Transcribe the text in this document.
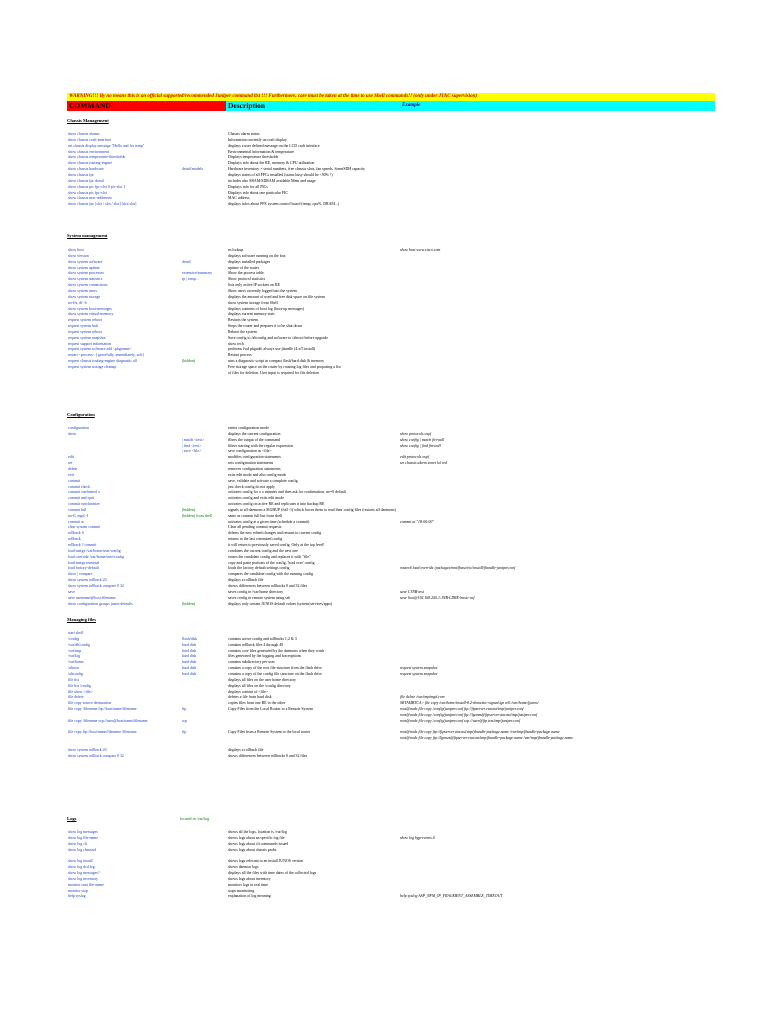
WARNING!!! By no means this is an official supported/recommended Juniper command list !!! Furthermore, care must be taken at the time to use Shell commands!! (only under JTAC supervision)
COMMAND	Description	Example
Chassis Management
show chassis alarms	Chassis alarm status
show chassis craft-interface	Information currently on craft display
set chassis display message "Hello and for temp"	displays a user defined message on the LCD craft interface
show chassis environment	Environmental information & temperature
show chassis temperature-thresholds	Displays temperature thresholds
show chassis routing-engine	Displays info about the RE, memory & CPU utilization
show chassis hardware	detail/models	Hardware inventory + serial numbers, free chassis slots, fan speeds, SonetSDH capacity
show chassis fpc	displays status of all FPCs installed (status busy should be <90% !)
show chassis fpc detail	includes also SRAM/SDRAM available Mem and usage
show chassis pic fpc-slot 0 pic-slot 1	Displays info for all PICs
show chassis pic fpc-slot	Displays info about one particular PIC
show chassis mac-addresses	MAC address
show chassis fpc [slot / slot / slot] [slot slot]	displays infos about PFE system control board (temp, cpu%, DRAM...)
System management
show host	ns lookup	show host www.cisco.com
show version	displays software running on the box
show system software	detail	displays installed packages
show system uptime	uptime of the router
show system processes	extensive/summary	Show the process table
show system statistics	ip | icmp...	Show protocol statistics
show system connections	lists only active IP sockets on RE
show system users	Show users currently logged into the system
show system storage	displays the amount of used and free disk space on file system
no-ffs, df -h	show system storage from Shell
show system boot-messages	displays contents of boot log (boot-up messages)
show system virtual-memory	displays current memory stats
request system reboot	Restarts the system
request system halt	Stops the router and prepares it to be shut down
request system reboot	Reboot the system
request system snapshot	Save config to /altconfig and software to /altroot before upgrade
request support information	show tech
request system software add <pkgname>	performs fwd pkgadd; always use jbundle (4.x/5 install)
restart <process> [ gracefully, immediately, soft]	Restart process
request chassis routing-engine diagnostic all	(hidden)	runs a diagnostic script in compact flash/hard disk & memory
request system storage cleanup	Free storage space on the router by rotating log files and proposing a list
of files for deletion. User input is required for file deletion
Configuration
configuration	enters configuration mode
show	displays the current configuration	show protocols ospf
| match <text>	filters the output of the command	show config | match firewall
| find <text>	filters starting with the regular expression	show config | find firewall
| save <file>	save configuration as <file>
edit	modifies configuration statements	edit protocols ospf
set	sets configuration statements	set chassis alarm sonet lol red
delete	removes configuration statements
exit	exits edit mode and also config mode
commit	save, validate and activate a complete config
commit check	just check config do not apply
commit confirmed x	activates config for x x minutes and then ask for confirmation, no=0 default
commit and-quit	activates config and exits edit mode
commit synchronize	activates config on active RE and replicates it into backup RE
commit full	(hidden)	signals to all daemons a SIGHUP (full -1) which forces them to read their config files (restarts all daemons)
no-fl, mgd -I	(hidden) from shell	same as commit full but from shell
commit at	activates config at a given time (schedule a commit)	commit at "18:00:00"
clear system commit	Clear all pending commit requests
rollback 0	deletes the new edited changes and returns to current config
rollback	returns to the last commited config
rollback ? commit	it will return to previously saved config. Only at the top level!
load merge /var/home/user/config	combines the current config and the new one
load override /var/home/user/config	erases the candidate config and replaces it with "file"
load merge terminal	copy and paste portions of the config, 'load over' config
load factory-default	loads the factory default settings config	router# load override /packages/mnt/jbase/etc/install/jbundle-juniper.conf
show | compare	compares the candidate config with the running config
show system rollback 20	displays a rollback file
show system rollback compare 0 32	shows differences between rollbacks 0 and 32 files
save	saves config in /var/home directory	save CJNB-test
save username@host:filename	saves config in remote system using ssh	save lion@192.168.200.1:JNB-LDRE-basic-cnf
show configuration groups junos-defaults	(hidden)	displays only certain JUNOS default values (system/services/apps)
Managing files
start shell
/config	flash/disk	contains active config and rollbacks 1,2 & 3
/var/db/config	hard disk	contains rollback files 4 through 49
/var/tmp	hard disk	contains core files generated by the daemons when they crash
/var/log	hard disk	files generated by the logging and fraceoptions
/var/home	hard disk	contains subdirectory per user
/altroot	hard disk	contains a copy of the root file structure from the flash drive	request system snapshot
/altconfig	hard disk	contains a copy of the config file structure on the flash drive	request system snapshot
file list	displays all files on the user home directory
file list /config	displays all files on the /config directory
file show <file>	displays content of <file>
file delete	deletes a file from hard disk	file delete /var/tmp/mgd.core
file copy source destination	copies files from one RE to the other	SRTAMBTCA> file copy /var/home/install-8.2-domestic-signed.tgz re0:/var/home/jjunos/
file copy /filename ftp://host/name/filename	ftp	Copy Files from the Local Router to a Remote System	root@node file copy /config/juniper.conf ftp://ftpserver.viacast/tmp/juniper.conf
root@node file copy /config/juniper.conf ftp://lgonzs@ftpserver.viacast/tmp/juniper.conf
file copy /filename scp://user@host/name/filename	scp	root@node file copy /config/juniper.conf scp://user@ftp.test/tmp/juniper.conf
file copy ftp://host/name/filename /filename	ftp	Copy Files from a Remote System to the local router	root@node file copy ftp://ftpserver.viacast/tmp/jbundle-package.name /var/tmp/jbundle-package.name
root@node file copy ftp://lgonzs@ftpserver.viacast/tmp/jbundle-package.name /var/tmp/jbundle-package.name
show system rollback 20	displays a rollback file
show system rollback compare 0 32	shows differences between rollbacks 0 and 32 files
Logs	located in /var/log
show log messages	shows all the logs, location is /var/log
show log file-name	shows logs about an specific log file	show log bgp-events.0
show log cli	shows logs about cli commands issued
show log chassisd	shows logs about chassis probs
show log install	shows logs relevant to an install JUNOS version
show log dcd.log	shows daemon logs
show log messages?	displays all the files with time dates of the collected logs
show log inventory	shows logs about inventory
monitor start file-name	monitors logs in real time
monitor stop	stops monitoring
help syslog	explanation of log meaning	help syslog ASP_NFM_IP_FRAGMENT_ASSEMBLE_TIMEOUT
